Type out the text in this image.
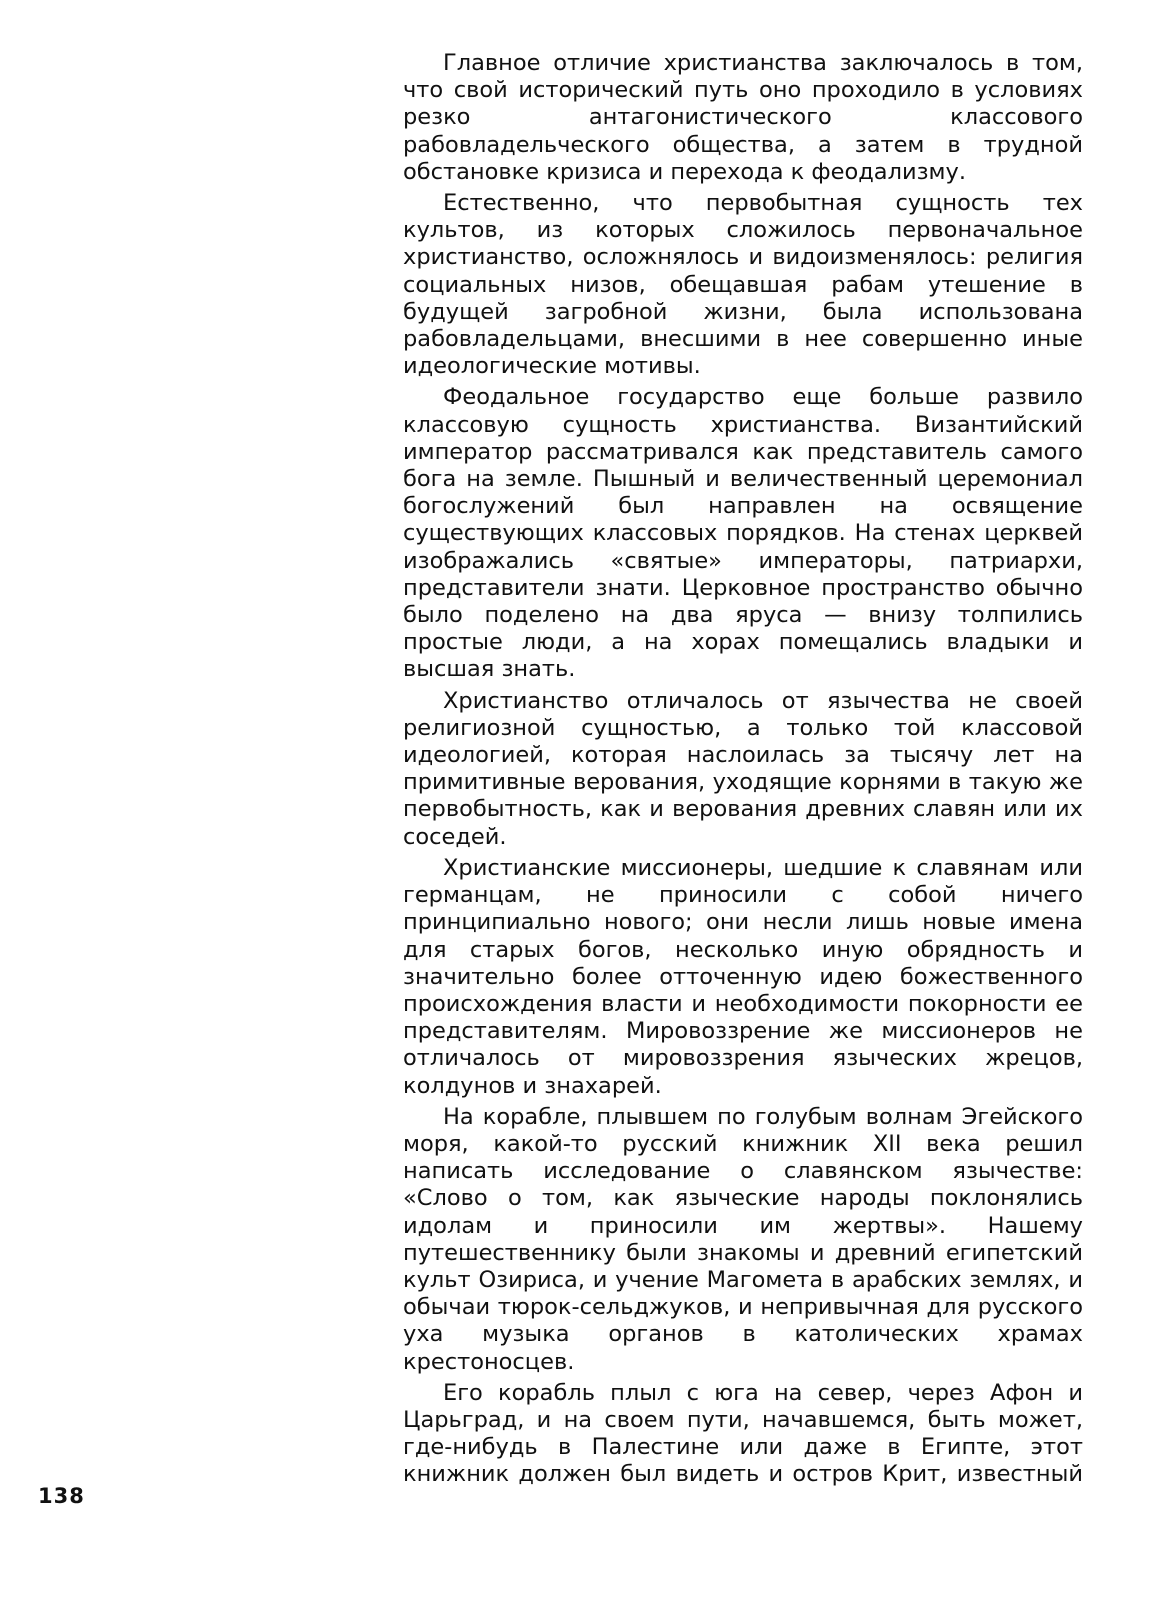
Главное отличие христианства заключалось в том, что свой исторический путь оно проходило в условиях резко антагонистического классового рабовладельческого общества, а затем в трудной обстановке кризиса и перехода к феодализму.

Естественно, что первобытная сущность тех культов, из которых сложилось первоначальное христианство, осложнялось и видоизменялось: религия социальных низов, обещавшая рабам утешение в будущей загробной жизни, была использована рабовладельцами, внесшими в нее совершенно иные идеологические мотивы.

Феодальное государство еще больше развило классовую сущность христианства. Византийский император рассматривался как представитель самого бога на земле. Пышный и величественный церемониал богослужений был направлен на освящение существующих классовых порядков. На стенах церквей изображались «святые» императоры, патриархи, представители знати. Церковное пространство обычно было поделено на два яруса — внизу толпились простые люди, а на хорах помещались владыки и высшая знать.

Христианство отличалось от язычества не своей религиозной сущностью, а только той классовой идеологией, которая наслоилась за тысячу лет на примитивные верования, уходящие корнями в такую же первобытность, как и верования древних славян или их соседей.

Христианские миссионеры, шедшие к славянам или германцам, не приносили с собой ничего принципиально нового; они несли лишь новые имена для старых богов, несколько иную обрядность и значительно более отточенную идею божественного происхождения власти и необходимости покорности ее представителям. Мировоззрение же миссионеров не отличалось от мировоззрения языческих жрецов, колдунов и знахарей.

На корабле, плывшем по голубым волнам Эгейского моря, какой-то русский книжник XII века решил написать исследование о славянском язычестве: «Слово о том, как языческие народы поклонялись идолам и приносили им жертвы». Нашему путешественнику были знакомы и древний египетский культ Озириса, и учение Магомета в арабских землях, и обычаи тюрок-сельджуков, и непривычная для русского уха музыка органов в католических храмах крестоносцев.

Его корабль плыл с юга на север, через Афон и Царьград, и на своем пути, начавшемся, быть может, где-нибудь в Палестине или даже в Египте, этот книжник должен был видеть и остров Крит, известный

138
